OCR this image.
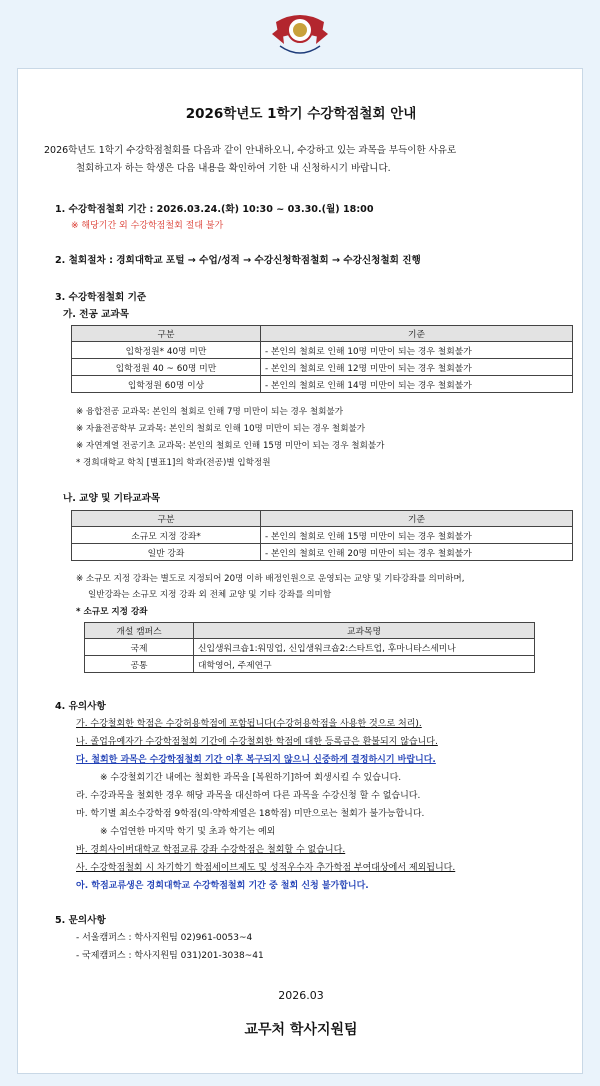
2026학년도 1학기 수강학점철회 안내
2026학년도 1학기 수강학점철회를 다음과 같이 안내하오니, 수강하고 있는 과목을 부득이한 사유로
철회하고자 하는 학생은 다음 내용을 확인하여 기한 내 신청하시기 바랍니다.
1. 수강학점철회 기간 : 2026.03.24.(화) 10:30 ~ 03.30.(월) 18:00
※ 해당기간 외 수강학점철회 절대 불가
2. 철회절차 : 경희대학교 포털 → 수업/성적 → 수강신청학점철회 → 수강신청철회 진행
3. 수강학점철회 기준
가. 전공 교과목
구분	기준
입학정원* 40명 미만	- 본인의 철회로 인해 10명 미만이 되는 경우 철회불가
입학정원 40 ~ 60명 미만	- 본인의 철회로 인해 12명 미만이 되는 경우 철회불가
입학정원 60명 이상	- 본인의 철회로 인해 14명 미만이 되는 경우 철회불가
※ 융합전공 교과목: 본인의 철회로 인해 7명 미만이 되는 경우 철회불가
※ 자율전공학부 교과목: 본인의 철회로 인해 10명 미만이 되는 경우 철회불가
※ 자연계열 전공기초 교과목: 본인의 철회로 인해 15명 미만이 되는 경우 철회불가
* 경희대학교 학칙 [별표1]의 학과(전공)별 입학정원
나. 교양 및 기타교과목
구분	기준
소규모 지정 강좌*	- 본인의 철회로 인해 15명 미만이 되는 경우 철회불가
일반 강좌	- 본인의 철회로 인해 20명 미만이 되는 경우 철회불가
※ 소규모 지정 강좌는 별도로 지정되어 20명 이하 배정인원으로 운영되는 교양 및 기타강좌를 의미하며,
일반강좌는 소규모 지정 강좌 외 전체 교양 및 기타 강좌를 의미함
* 소규모 지정 강좌
개설 캠퍼스	교과목명
국제	신입생워크숍1:워밍업, 신입생워크숍2:스타트업, 후마니타스세미나
공통	대학영어, 주제연구
4. 유의사항
가. 수강철회한 학점은 수강허용학점에 포함됩니다(수강허용학점을 사용한 것으로 처리).
나. 졸업유예자가 수강학점철회 기간에 수강철회한 학점에 대한 등록금은 환불되지 않습니다.
다. 철회한 과목은 수강학점철회 기간 이후 복구되지 않으니 신중하게 결정하시기 바랍니다.
※ 수강철회기간 내에는 철회한 과목을 [복원하기]하여 회생시킬 수 있습니다.
라. 수강과목을 철회한 경우 해당 과목을 대신하여 다른 과목을 수강신청 할 수 없습니다.
마. 학기별 최소수강학점 9학점(의·약학계열은 18학점) 미만으로는 철회가 불가능합니다.
※ 수업연한 마지막 학기 및 초과 학기는 예외
바. 경희사이버대학교 학점교류 강좌 수강학점은 철회할 수 없습니다.
사. 수강학점철회 시 차기학기 학점세이브제도 및 성적우수자 추가학점 부여대상에서 제외됩니다.
아. 학점교류생은 경희대학교 수강학점철회 기간 중 철회 신청 불가합니다.
5. 문의사항
- 서울캠퍼스 : 학사지원팀 02)961-0053~4
- 국제캠퍼스 : 학사지원팀 031)201-3038~41
2026.03
교무처 학사지원팀
